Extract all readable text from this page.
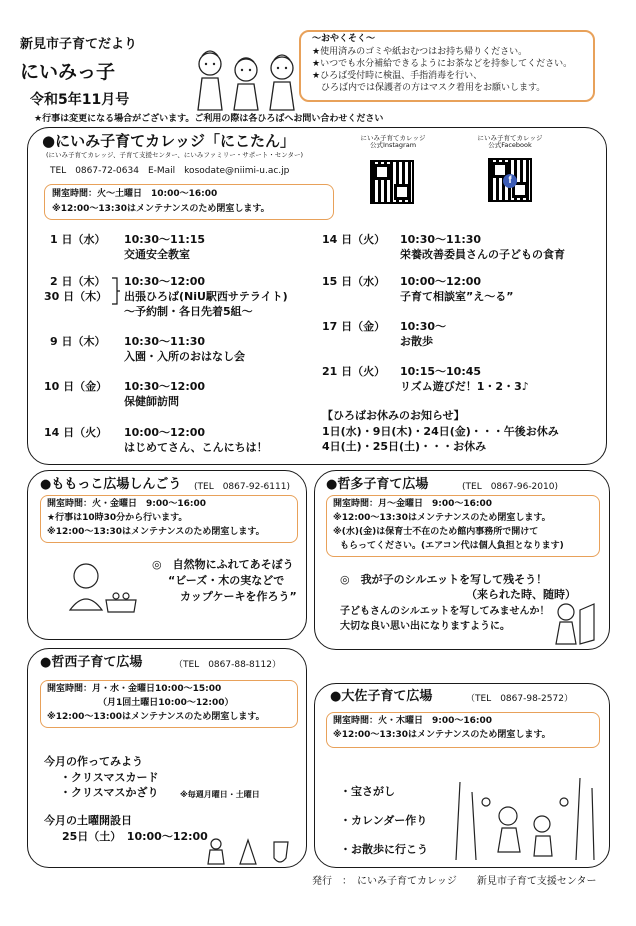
新見市子育てだより
にいみっ子
令和5年11月号
～おやくそく～
★使用済みのゴミや紙おむつはお持ち帰りください。
★いつでも水分補給できるようにお茶などを持参してください。
★ひろば受付時に検温、手指消毒を行い、
　ひろば内では保護者の方はマスク着用をお願いします。
★行事は変更になる場合がございます。ご利用の際は各ひろばへお問い合わせください
●にいみ子育てカレッジ「にこたん」
(にいみ子育てカレッジ、子育て支援センター、にいみファミリー・サポート・センター)
TEL　0867-72-0634　E-Mail　kosodate@niimi-u.ac.jp
にいみ子育てカレッジ
公式Instagram
にいみ子育てカレッジ
公式Facebook
f
開室時間：火～土曜日　10:00～16:00
※12:00～13:30はメンテナンスのため閉室します。
1 日（水） 10:30～11:15
交通安全教室
2 日（木） 10:30～12:00
30 日（木） 出張ひろば(NiU駅西サテライト)
～予約制・各日先着5組～
9 日（木） 10:30～11:30
入園・入所のおはなし会
10 日（金） 10:30～12:00
保健師訪問
14 日（火） 10:00～12:00
はじめてさん、こんにちは！
14 日（火） 10:30～11:30
栄養改善委員さんの子どもの食育
15 日（水） 10:00～12:00
子育て相談室”え～る”
17 日（金） 10:30～
お散歩
21 日（火） 10:15～10:45
リズム遊びだ！1・2・3♪
【ひろばお休みのお知らせ】
1日(水)・9日(木)・24日(金)・・・午後お休み
4日(土)・25日(土)・・・お休み
●ももっこ広場しんごう (TEL　0867-92-6111)
開室時間：火・金曜日　9:00～16:00
★行事は10時30分から行います。
※12:00～13:30はメンテナンスのため閉室します。
◎　自然物にふれてあそぼう
“ビーズ・木の実などで
カップケーキを作ろう”
●哲多子育て広場	(TEL　0867-96-2010)
開室時間：月～金曜日　9:00～16:00
※12:00～13:30はメンテナンスのため閉室します。
※(水)(金)は保育士不在のため館内事務所で開けて
もらってください。(エアコン代は個人負担となります)
◎　我が子のシルエットを写して残そう！
（来られた時、随時）
子どもさんのシルエットを写してみませんか！
大切な良い思い出になりますように。
●哲西子育て広場	（TEL　0867-88-8112）
開室時間：月・水・金曜日10:00～15:00
（月1回土曜日10:00～12:00）
※12:00～13:00はメンテナンスのため閉室します。
今月の作ってみよう
・クリスマスカード
・クリスマスかざり	※毎週月曜日・土曜日
今月の土曜開設日
25日（土）　10:00～12:00
●大佐子育て広場	（TEL　0867-98-2572）
開室時間：火・木曜日　9:00～16:00
※12:00～13:30はメンテナンスのため閉室します。
・宝さがし
・カレンダー作り
・お散歩に行こう
発行　：　にいみ子育てカレッジ　　新見市子育て支援センター
